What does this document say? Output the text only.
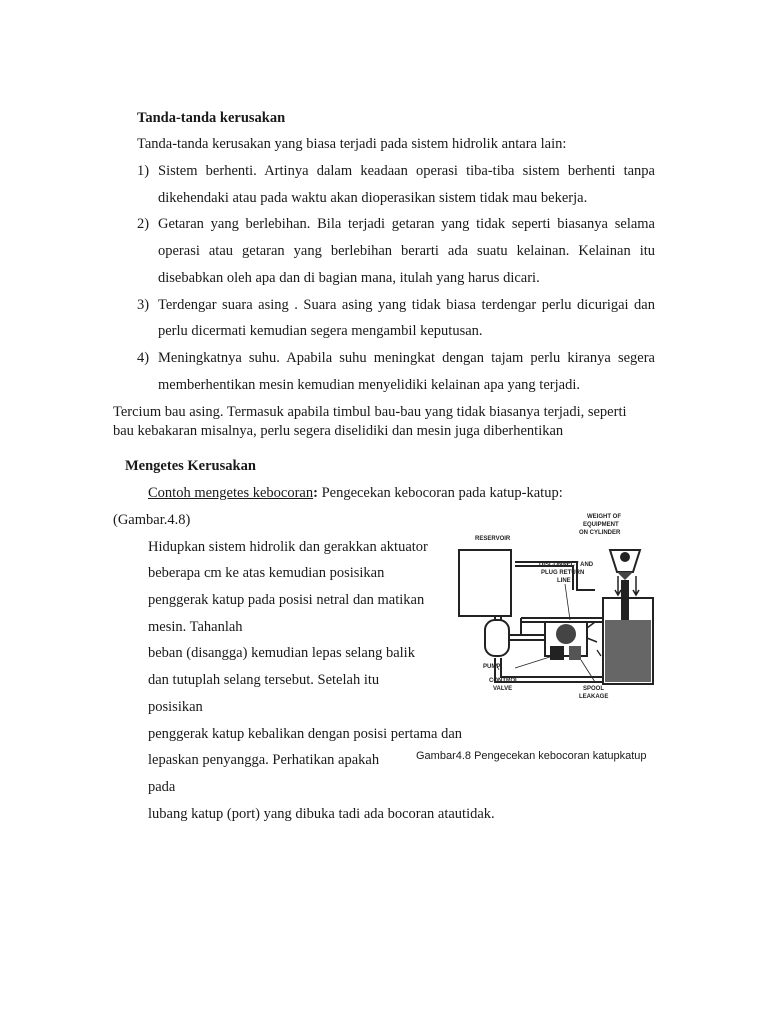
Tanda-tanda kerusakan
Tanda-tanda kerusakan yang biasa terjadi pada sistem hidrolik antara lain:
1) Sistem berhenti. Artinya dalam keadaan operasi tiba-tiba sistem berhenti tanpa
dikehendaki atau pada waktu akan dioperasikan sistem tidak mau bekerja.
2) Getaran yang berlebihan. Bila terjadi getaran yang tidak seperti biasanya selama
operasi atau getaran yang berlebihan berarti ada suatu kelainan. Kelainan itu
disebabkan oleh apa dan di bagian mana, itulah yang harus dicari.
3) Terdengar suara asing . Suara asing yang tidak biasa terdengar perlu dicurigai dan
perlu dicermati kemudian segera mengambil keputusan.
4) Meningkatnya suhu. Apabila suhu meningkat dengan tajam perlu kiranya segera
memberhentikan mesin kemudian menyelidiki kelainan apa yang terjadi.
Tercium bau asing. Termasuk apabila timbul bau-bau yang tidak biasanya terjadi, seperti
bau kebakaran misalnya, perlu segera diselidiki dan mesin juga diberhentikan
Mengetes Kerusakan
Contoh mengetes kebocoran: Pengecekan kebocoran pada katup-katup:
(Gambar.4.8)
Hidupkan sistem hidrolik dan gerakkan aktuator
beberapa cm ke atas kemudian posisikan
penggerak katup pada posisi netral dan matikan
mesin. Tahanlah
beban (disangga) kemudian lepas selang balik
dan tutuplah selang tersebut. Setelah itu
posisikan
penggerak katup kebalikan dengan posisi pertama dan
lepaskan penyangga. Perhatikan apakah
pada
lubang katup (port) yang dibuka tadi ada bocoran atautidak.
RESERVOIR
WEIGHT OF
EQUIPMENT
ON CYLINDER
DISCONNECT AND
PLUG RETURN
LINE
PUMP
CONTROL
VALVE	SPOOL
LEAKAGE
Gambar4.8 Pengecekan kebocoran katupkatup
